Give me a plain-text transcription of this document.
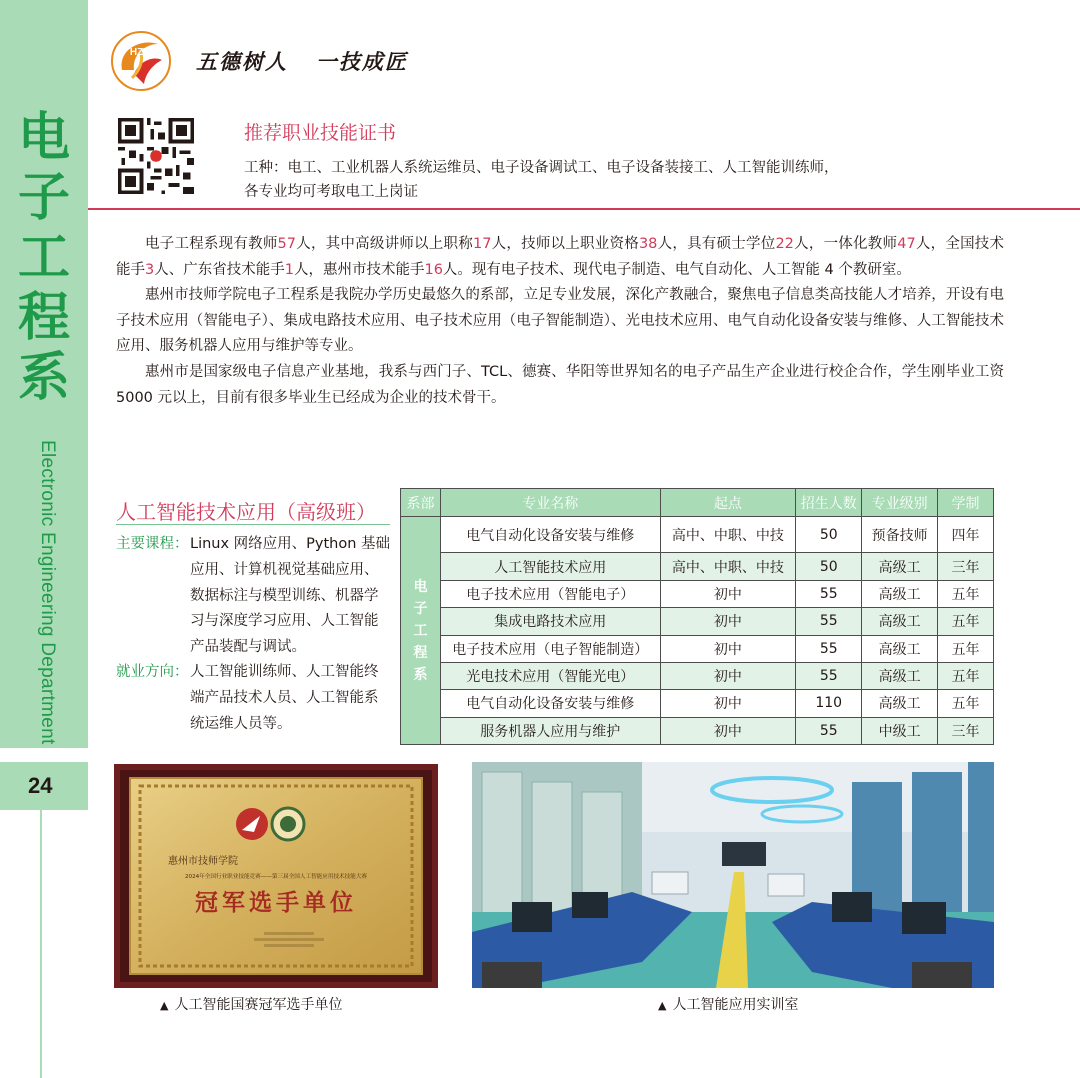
电
子
工
程
系
Electronic Engineering Department
24
HZTI 五德树人   一技成匠
推荐职业技能证书
工种：电工、工业机器人系统运维员、电子设备调试工、电子设备装接工、人工智能训练师，
各专业均可考取电工上岗证

电子工程系现有教师57人，其中高级讲师以上职称17人，技师以上职业资格38人，具有硕士学位22人，一体化教师47人，全国技术能手3人、广东省技术能手1人，惠州市技术能手16人。现有电子技术、现代电子制造、电气自动化、人工智能 4 个教研室。

惠州市技师学院电子工程系是我院办学历史最悠久的系部，立足专业发展，深化产教融合，聚焦电子信息类高技能人才培养，开设有电子技术应用（智能电子）、集成电路技术应用、电子技术应用（电子智能制造）、光电技术应用、电气自动化设备安装与维修、人工智能技术应用、服务机器人应用与维护等专业。

惠州市是国家级电子信息产业基地，我系与西门子、TCL、德赛、华阳等世界知名的电子产品生产企业进行校企合作，学生刚毕业工资 5000 元以上，目前有很多毕业生已经成为企业的技术骨干。

人工智能技术应用（高级班）
主要课程： Linux 网络应用、Python 基础应用、计算机视觉基础应用、数据标注与模型训练、机器学习与深度学习应用、人工智能产品装配与调试。
就业方向： 人工智能训练师、人工智能终端产品技术人员、人工智能系统运维人员等。
系部	专业名称	起点	招生人数	专业级别	学制
电子工程系	电气自动化设备安装与维修	高中、中职、中技	50	预备技师	四年
	人工智能技术应用	高中、中职、中技	50	高级工	三年
	电子技术应用（智能电子）	初中	55	高级工	五年
	集成电路技术应用	初中	55	高级工	五年
	电子技术应用（电子智能制造）	初中	55	高级工	五年
	光电技术应用（智能光电）	初中	55	高级工	五年
	电气自动化设备安装与维修	初中	110	高级工	五年
	服务机器人应用与维护	初中	55	中级工	三年
惠州市技师学院
2024年全国行业职业技能竞赛——第三届全国人工智能应用技术技能大赛
冠军选手单位
▲ 人工智能国赛冠军选手单位	▲ 人工智能应用实训室
